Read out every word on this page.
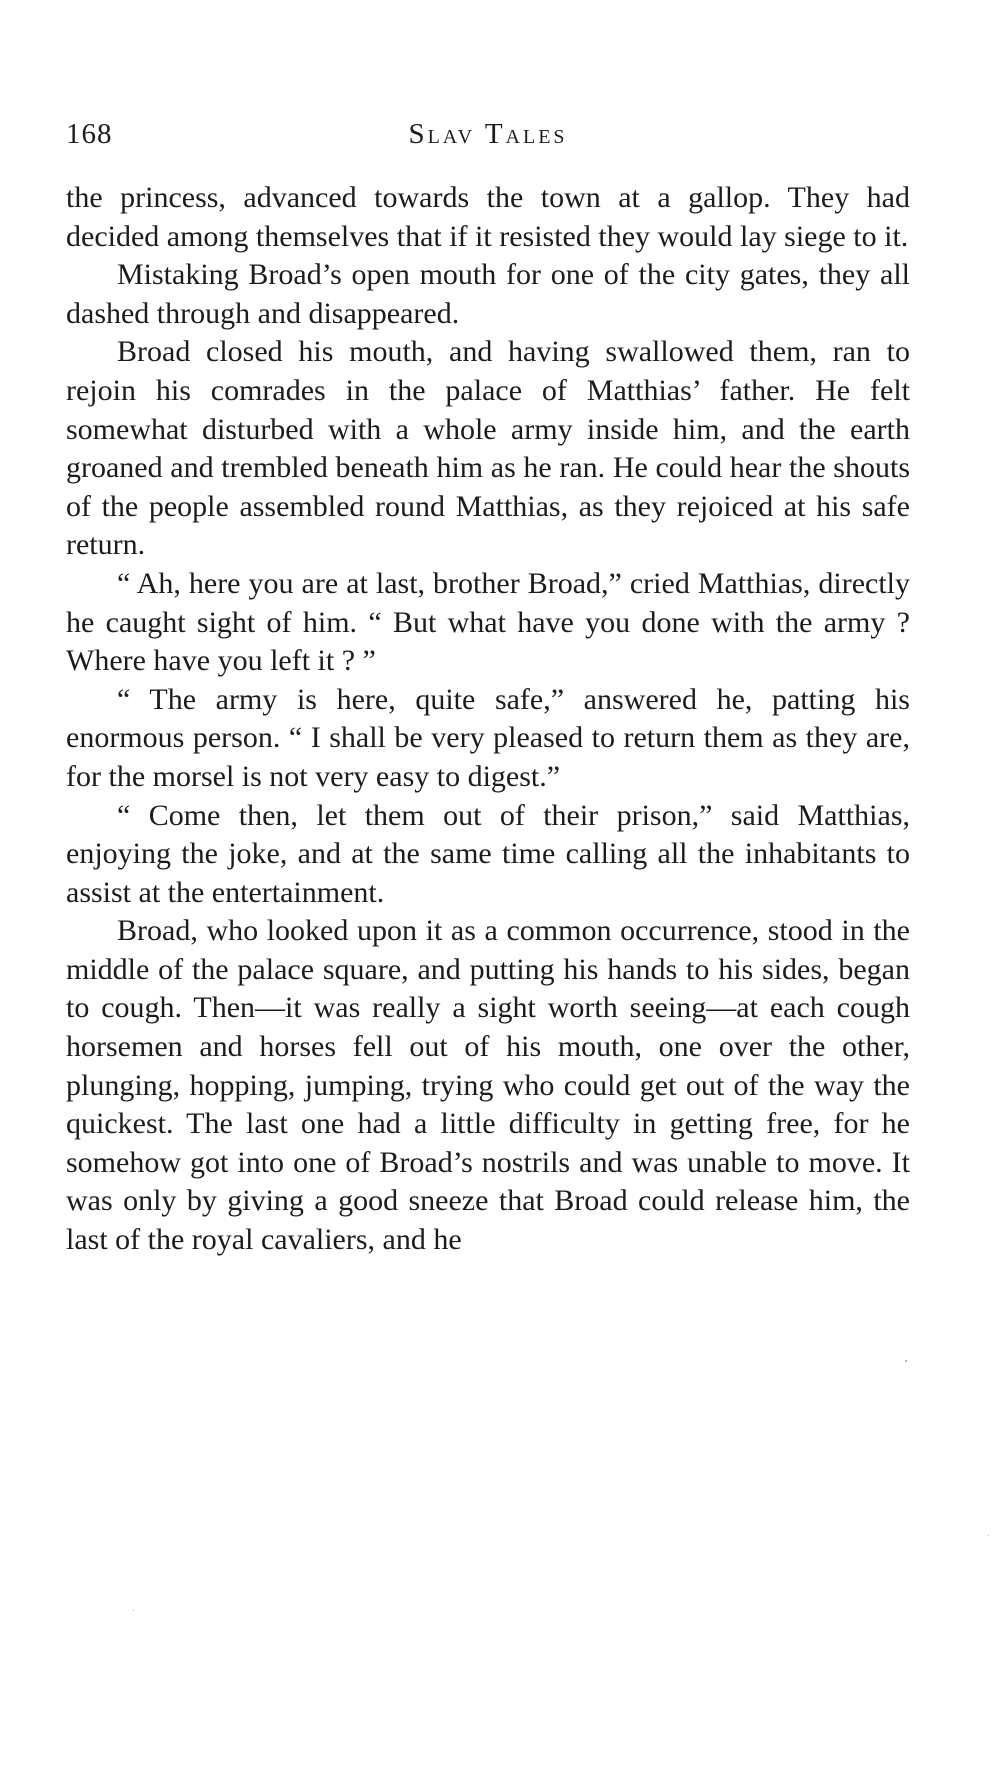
168	Slav Tales

the princess, advanced towards the town at a gallop. They had decided among themselves that if it resisted they would lay siege to it.

Mistaking Broad’s open mouth for one of the city gates, they all dashed through and disappeared.

Broad closed his mouth, and having swallowed them, ran to rejoin his comrades in the palace of Matthias’ father. He felt somewhat disturbed with a whole army inside him, and the earth groaned and trembled beneath him as he ran. He could hear the shouts of the people assembled round Matthias, as they rejoiced at his safe return.

“ Ah, here you are at last, brother Broad,” cried Matthias, directly he caught sight of him. “ But what have you done with the army ? Where have you left it ? ”

“ The army is here, quite safe,” answered he, patting his enormous person. “ I shall be very pleased to return them as they are, for the morsel is not very easy to digest.”

“ Come then, let them out of their prison,” said Matthias, enjoying the joke, and at the same time calling all the inhabitants to assist at the entertainment.

Broad, who looked upon it as a common occurrence, stood in the middle of the palace square, and putting his hands to his sides, began to cough. Then—it was really a sight worth seeing—at each cough horsemen and horses fell out of his mouth, one over the other, plunging, hopping, jumping, trying who could get out of the way the quickest. The last one had a little difficulty in getting free, for he somehow got into one of Broad’s nostrils and was unable to move. It was only by giving a good sneeze that Broad could release him, the last of the royal cavaliers, and he
